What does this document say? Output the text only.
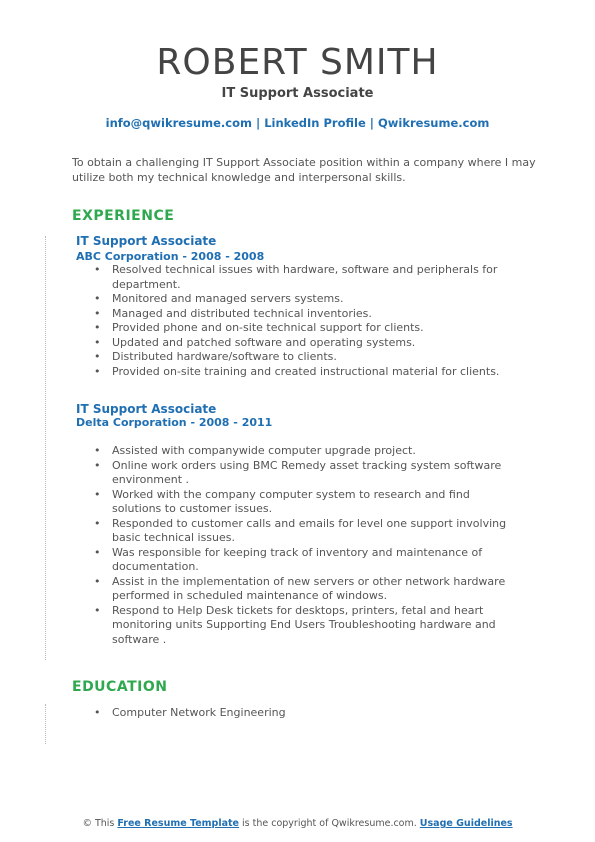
ROBERT SMITH
IT Support Associate
info@qwikresume.com | LinkedIn Profile | Qwikresume.com
To obtain a challenging IT Support Associate position within a company where I may utilize both my technical knowledge and interpersonal skills.
EXPERIENCE
IT Support Associate
ABC Corporation - 2008 - 2008
• Resolved technical issues with hardware, software and peripherals for department.
• Monitored and managed servers systems.
• Managed and distributed technical inventories.
• Provided phone and on-site technical support for clients.
• Updated and patched software and operating systems.
• Distributed hardware/software to clients.
• Provided on-site training and created instructional material for clients.
IT Support Associate
Delta Corporation - 2008 - 2011
• Assisted with companywide computer upgrade project.
• Online work orders using BMC Remedy asset tracking system software environment .
• Worked with the company computer system to research and find solutions to customer issues.
• Responded to customer calls and emails for level one support involving basic technical issues.
• Was responsible for keeping track of inventory and maintenance of documentation.
• Assist in the implementation of new servers or other network hardware performed in scheduled maintenance of windows.
• Respond to Help Desk tickets for desktops, printers, fetal and heart monitoring units Supporting End Users Troubleshooting hardware and software .
EDUCATION
• Computer Network Engineering
© This Free Resume Template is the copyright of Qwikresume.com. Usage Guidelines
